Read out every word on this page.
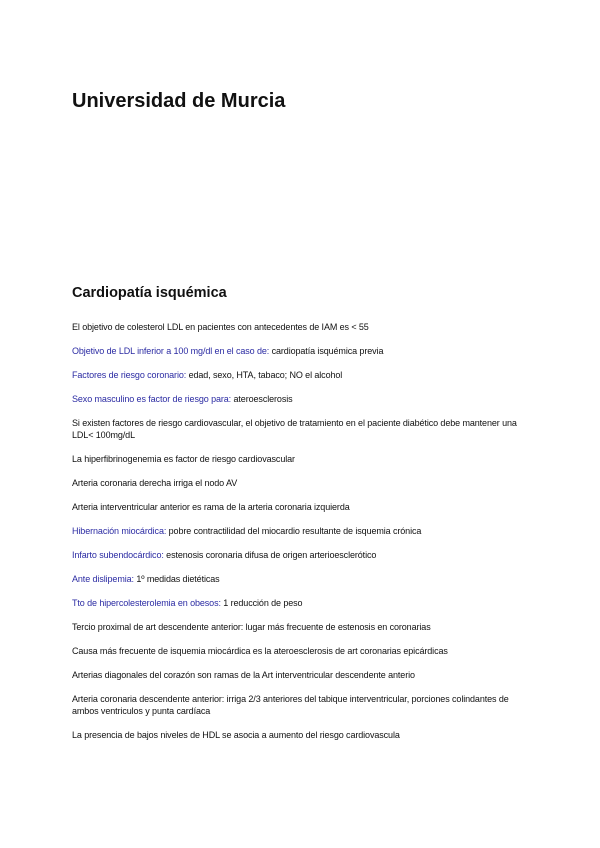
Universidad de Murcia
Cardiopatía isquémica

El objetivo de colesterol LDL en pacientes con antecedentes de IAM es < 55

Objetivo de LDL inferior a 100 mg/dl en el caso de: cardiopatía isquémica previa

Factores de riesgo coronario: edad, sexo, HTA, tabaco; NO el alcohol

Sexo masculino es factor de riesgo para: ateroesclerosis

Si existen factores de riesgo cardiovascular, el objetivo de tratamiento en el paciente diabético debe mantener una LDL< 100mg/dL

La hiperfibrinogenemia es factor de riesgo cardiovascular

Arteria coronaria derecha irriga el nodo AV

Arteria interventricular anterior es rama de la arteria coronaria izquierda

Hibernación miocárdica: pobre contractilidad del miocardio resultante de isquemia crónica

Infarto subendocárdico: estenosis coronaria difusa de origen arterioesclerótico

Ante dislipemia: 1º medidas dietéticas

Tto de hipercolesterolemia en obesos: 1 reducción de peso

Tercio proximal de art descendente anterior: lugar más frecuente de estenosis en coronarias

Causa más frecuente de isquemia miocárdica es la ateroesclerosis de art coronarias epicárdicas

Arterias diagonales del corazón son ramas de la Art interventricular descendente anterio

Arteria coronaria descendente anterior: irriga 2/3 anteriores del tabique interventricular, porciones colindantes de ambos ventriculos y punta cardíaca

La presencia de bajos niveles de HDL se asocia a aumento del riesgo cardiovascula
